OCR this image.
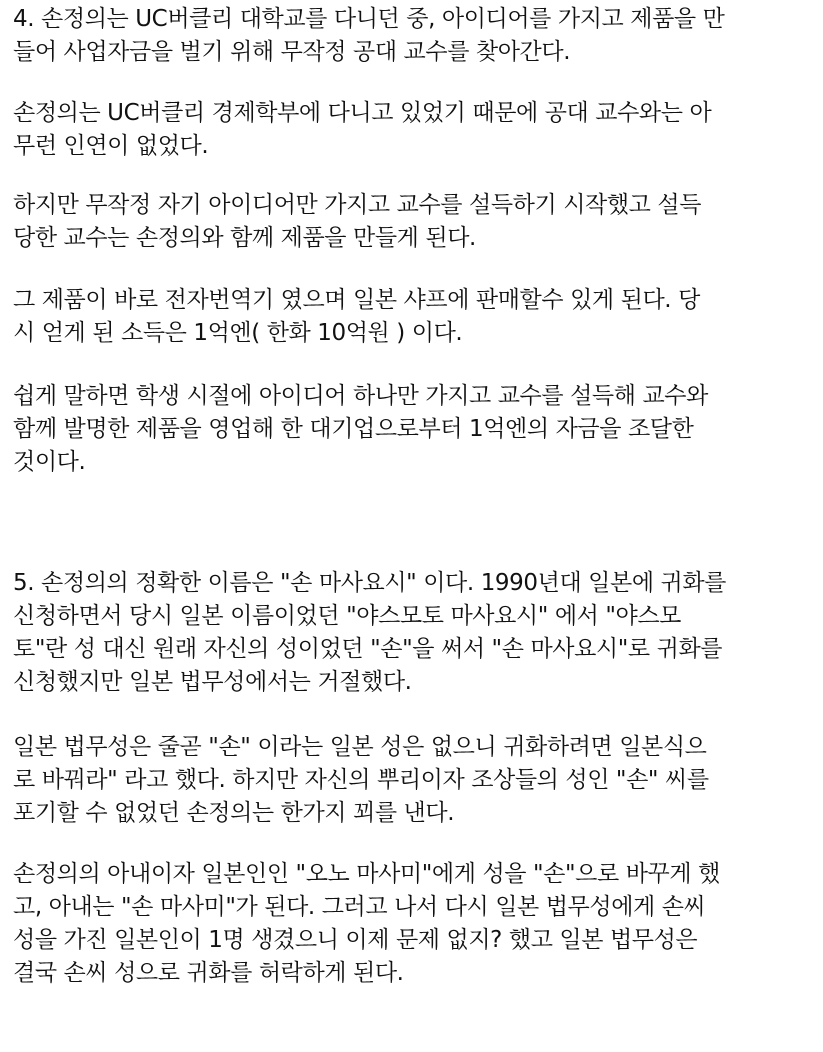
4. 손정의는 UC버클리 대학교를 다니던 중, 아이디어를 가지고 제품을 만
들어 사업자금을 벌기 위해 무작정 공대 교수를 찾아간다.

손정의는 UC버클리 경제학부에 다니고 있었기 때문에 공대 교수와는 아
무런 인연이 없었다.

하지만 무작정 자기 아이디어만 가지고 교수를 설득하기 시작했고 설득
당한 교수는 손정의와 함께 제품을 만들게 된다.

그 제품이 바로 전자번역기 였으며 일본 샤프에 판매할수 있게 된다. 당
시 얻게 된 소득은 1억엔( 한화 10억원 ) 이다.

쉽게 말하면 학생 시절에 아이디어 하나만 가지고 교수를 설득해 교수와
함께 발명한 제품을 영업해 한 대기업으로부터 1억엔의 자금을 조달한
것이다.

5. 손정의의 정확한 이름은 "손 마사요시" 이다. 1990년대 일본에 귀화를
신청하면서 당시 일본 이름이었던 "야스모토 마사요시" 에서 "야스모
토"란 성 대신 원래 자신의 성이었던 "손"을 써서 "손 마사요시"로 귀화를
신청했지만 일본 법무성에서는 거절했다.

일본 법무성은 줄곧 "손" 이라는 일본 성은 없으니 귀화하려면 일본식으
로 바꿔라" 라고 했다. 하지만 자신의 뿌리이자 조상들의 성인 "손" 씨를
포기할 수 없었던 손정의는 한가지 꾀를 낸다.

손정의의 아내이자 일본인인 "오노 마사미"에게 성을 "손"으로 바꾸게 했
고, 아내는 "손 마사미"가 된다. 그러고 나서 다시 일본 법무성에게 손씨
성을 가진 일본인이 1명 생겼으니 이제 문제 없지? 했고 일본 법무성은
결국 손씨 성으로 귀화를 허락하게 된다.
